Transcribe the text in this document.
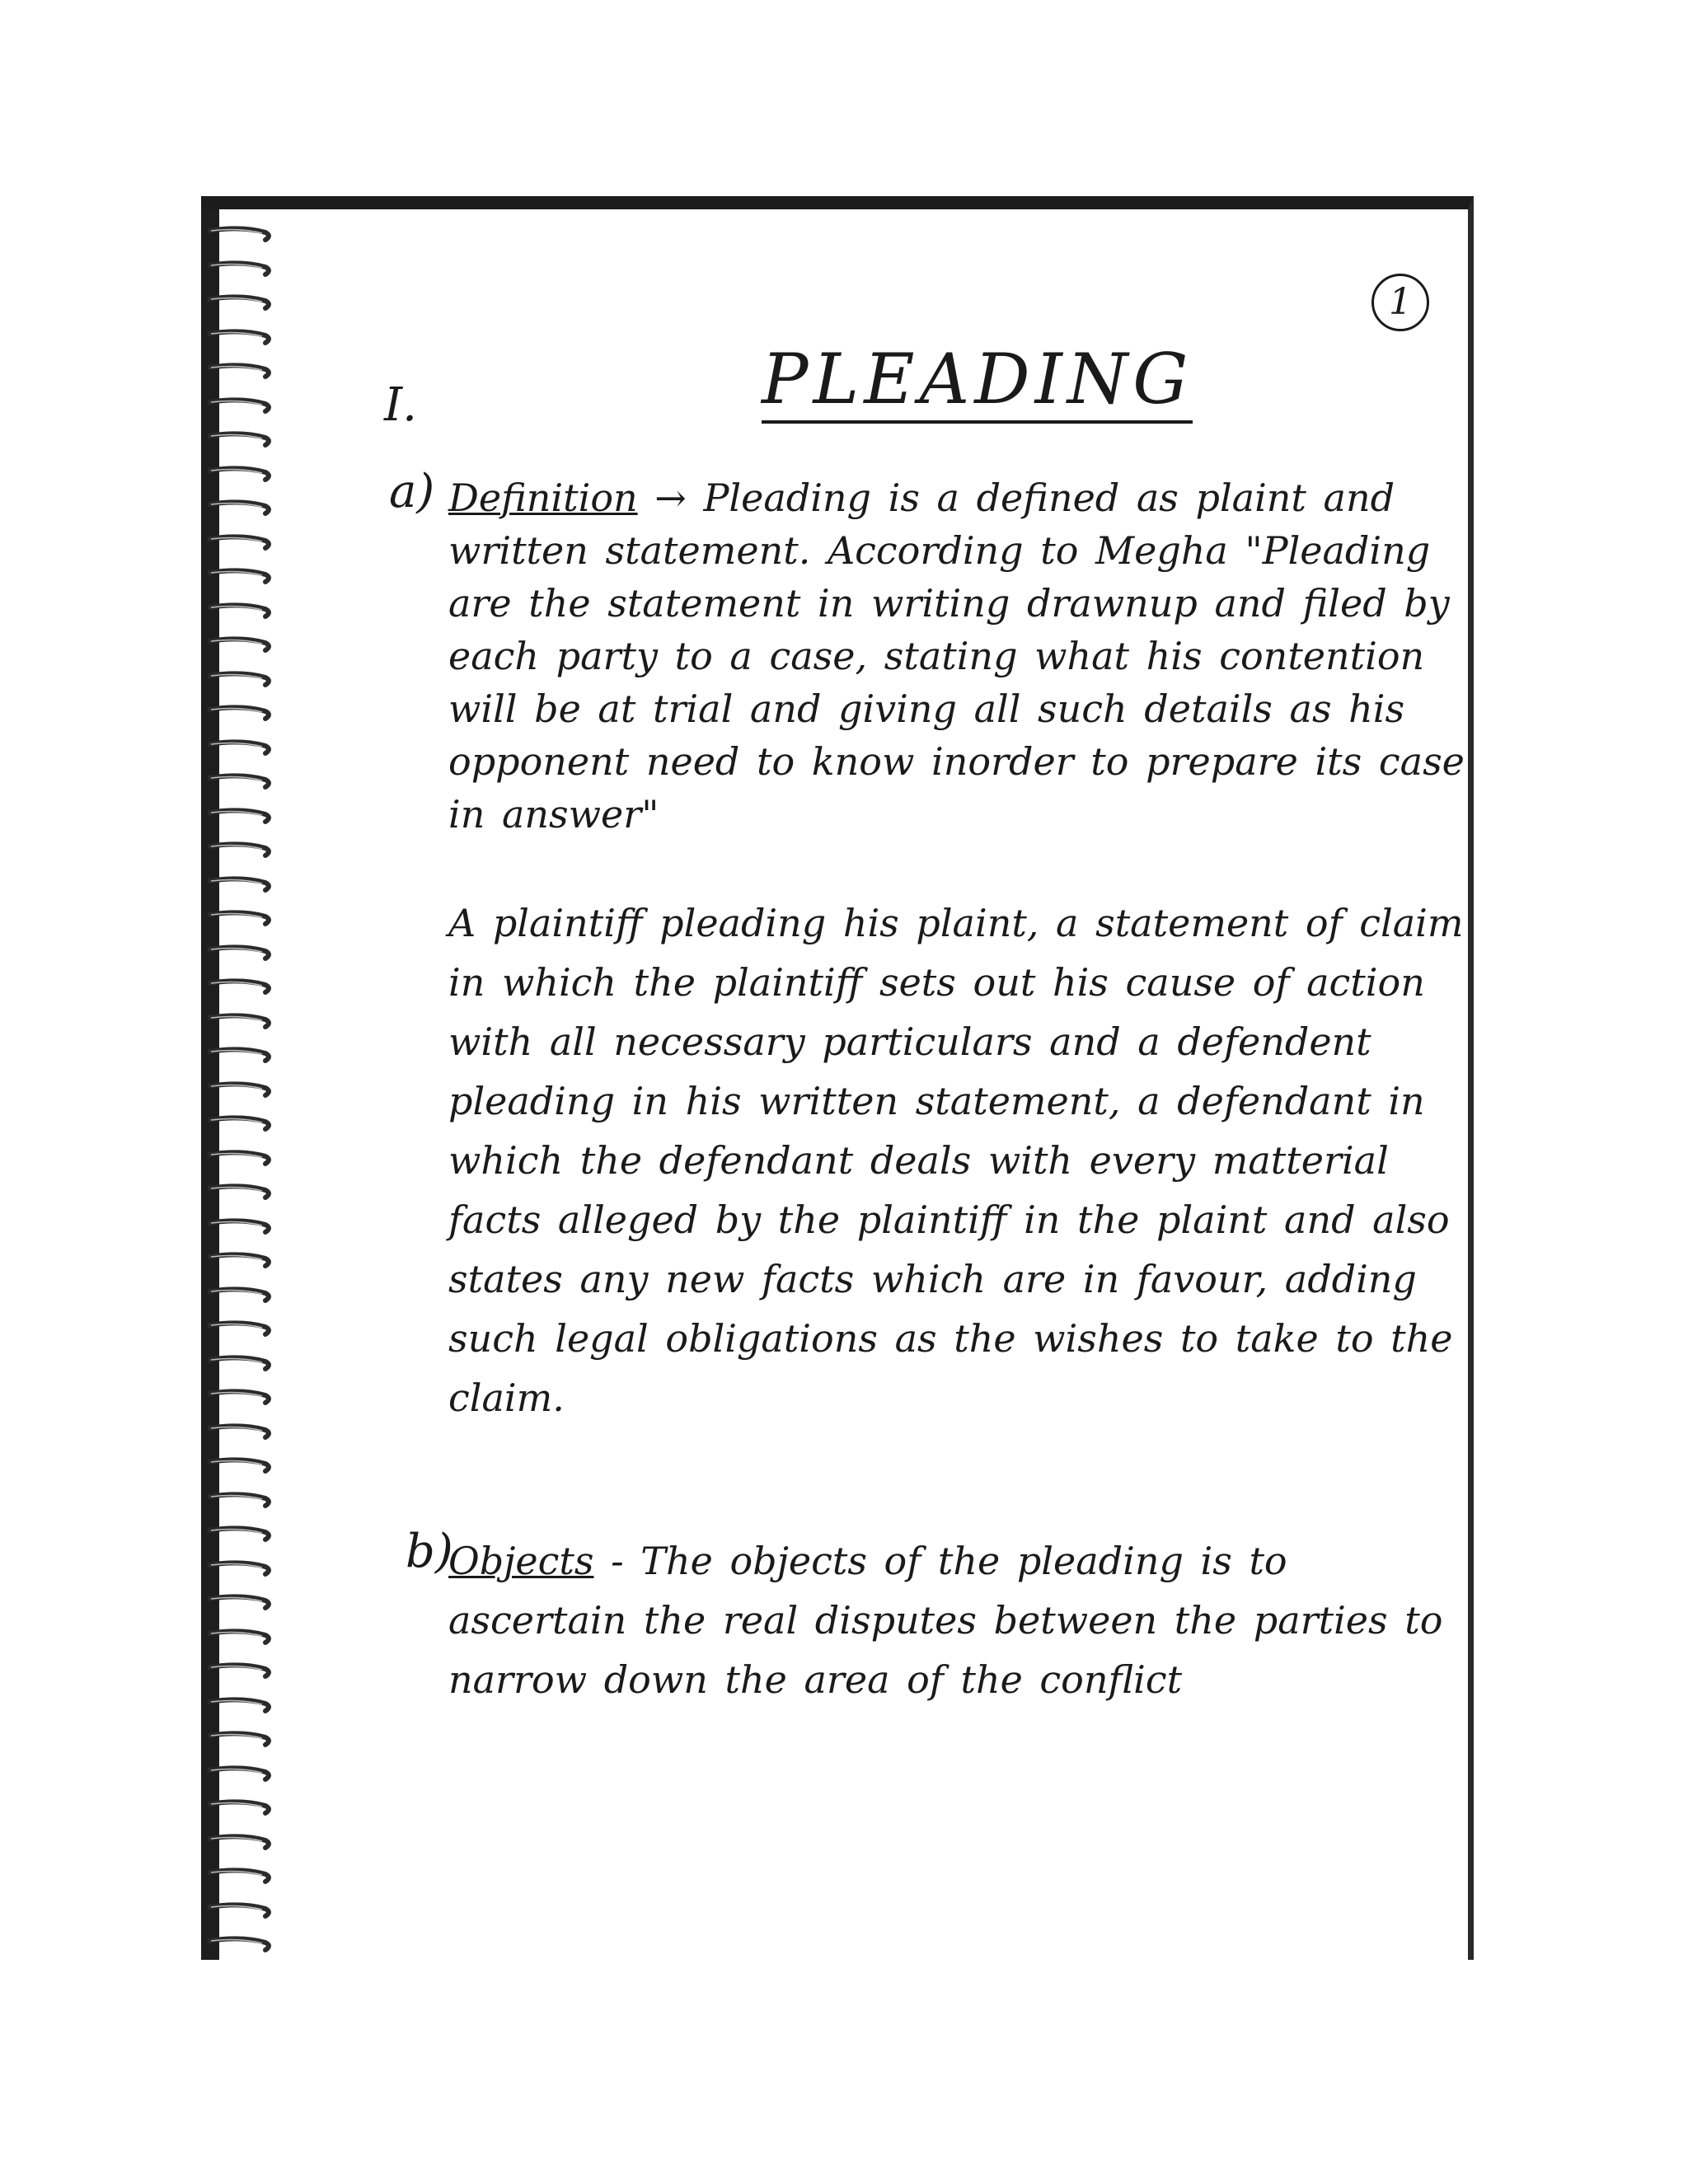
1
I.	PLEADING
a) Definition → Pleading is a defined as plaint and written statement. According to Megha "Pleading are the statement in writing drawnup and filed by each party to a case, stating what his contention will be at trial and giving all such details as his opponent need to know inorder to prepare its case in answer"
A plaintiff pleading his plaint, a statement of claim in which the plaintiff sets out his cause of action with all necessary particulars and a defendent pleading in his written statement, a defendant in which the defendant deals with every matterial facts alleged by the plaintiff in the plaint and also states any new facts which are in favour, adding such legal obligations as the wishes to take to the claim.
b)
Objects - The objects of the pleading is to ascertain the real disputes between the parties to narrow down the area of the conflict
